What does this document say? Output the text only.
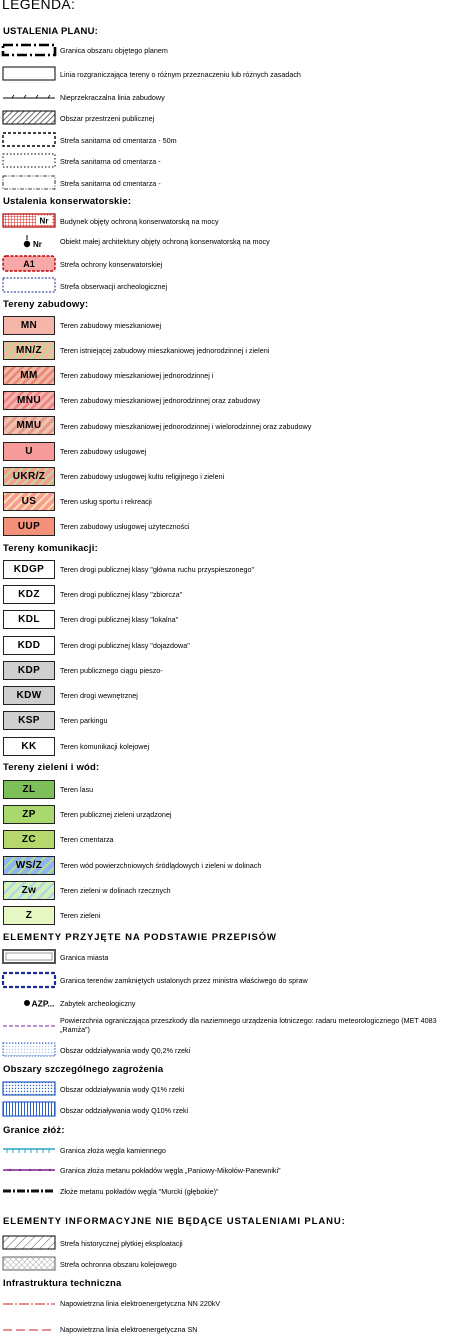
LEGENDA:
USTALENIA PLANU:
Granica obszaru objętego planem
Linia rozgraniczająca tereny o różnym przeznaczeniu lub różnych zasadach
Nieprzekraczalna linia zabudowy
Obszar przestrzeni publicznej
Strefa sanitarna od cmentarza - 50m
Strefa sanitarna od cmentarza -
Strefa sanitarna od cmentarza -
Ustalenia konserwatorskie:
Nr Budynek objęty ochroną konserwatorską na mocy
Nr	Obiekt małej architektury objęty ochroną konserwatorską na mocy
A1	Strefa ochrony konserwatorskiej
Strefa obserwacji archeologicznej
Tereny zabudowy:
MN	Teren zabudowy mieszkaniowej
MN/Z Teren istniejącej zabudowy mieszkaniowej jednorodzinnej i zieleni
MM	Teren zabudowy mieszkaniowej jednorodzinnej i
MNU	Teren zabudowy mieszkaniowej jednorodzinnej oraz zabudowy
MMU	Teren zabudowy mieszkaniowej jednorodzinnej i wielorodzinnej oraz zabudowy
U	Teren zabudowy usługowej
UKR/Z Teren zabudowy usługowej kultu religijnego i zieleni
US	Teren usług sportu i rekreacji
UUP	Teren zabudowy usługowej użyteczności
Tereny komunikacji:
KDGP	Teren drogi publicznej klasy "główna ruchu przyspieszonego"
KDZ	Teren drogi publicznej klasy "zbiorcza"
KDL	Teren drogi publicznej klasy "lokalna"
KDD	Teren drogi publicznej klasy "dojazdowa"
KDP	Teren publicznego ciągu pieszo-
KDW	Teren drogi wewnętrznej
KSP	Teren parkingu
KK	Teren komunikacji kolejowej
Tereny zieleni i wód:
ZL	Teren lasu
ZP	Teren publicznej zieleni urządzonej
ZC	Teren cmentarza
WS/Z Teren wód powierzchniowych śródlądowych i zieleni w dolinach
Zw	Teren zieleni w dolinach rzecznych
Z	Teren zieleni
ELEMENTY PRZYJĘTE NA PODSTAWIE PRZEPISÓW
Granica miasta
Granica terenów zamkniętych ustalonych przez ministra właściwego do spraw
AZP... Zabytek archeologiczny
Powierzchnia ograniczająca przeszkody dla naziemnego urządzenia lotniczego: radaru meteorologicznego (MET 4083 „Ramża”)
Obszar oddziaływania wody Q0,2% rzeki
Obszary szczególnego zagrożenia
Obszar oddziaływania wody Q1% rzeki
Obszar oddziaływania wody Q10% rzeki
Granice złóż:
Granica złoża węgla kamiennego
Granica złoża metanu pokładów węgla „Paniowy-Mikołów-Panewniki”
Złoże metanu pokładów węgla "Murcki (głębokie)"
ELEMENTY INFORMACYJNE NIE BĘDĄCE USTALENIAMI PLANU:
Strefa historycznej płytkiej eksploatacji
Strefa ochronna obszaru kolejowego
Infrastruktura techniczna
Napowietrzna linia elektroenergetyczna NN 220kV
Napowietrzna linia elektroenergetyczna SN
